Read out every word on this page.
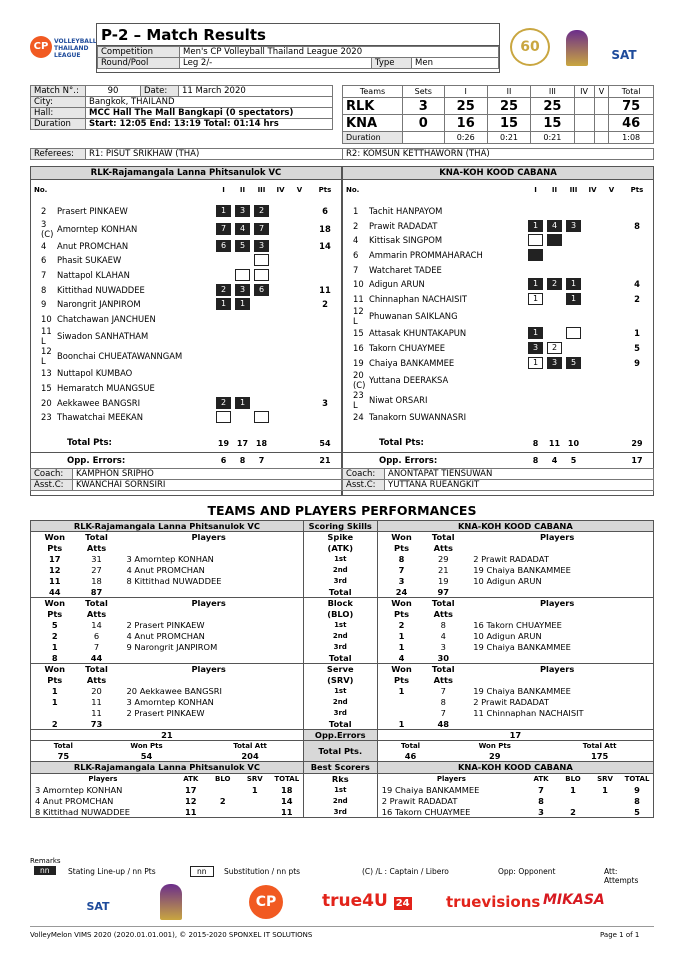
CP VOLLEYBALL
THAILAND LEAGUE
P-2 – Match Results
Competition	Men's CP Volleyball Thailand League 2020		
Round/Pool	Leg 2/-	Type	Men
60	SAT
Match N°.:	90	Date:	11 March 2020
City:	Bangkok, THAILAND		
Hall:	MCC Hall The Mall Bangkapi (0 spectators)		
Duration	Start: 12:05 End: 13:19 Total: 01:14 hrs		
Teams	Sets	I	II	III	IV	V	Total
RLK	3	25	25	25			75
KNA	0	16	15	15			46
Duration		0:26	0:21	0:21			1:08
Referees:	R1: PISUT SRIKHAW (THA)	R2: KOMSUN KETTHAWORN (THA)
RLK-Rajamangala Lanna Phitsanulok VC
No.		I	II	III	IV	V	Pts

2	Prasert PINKAEW	1	3	2			6
3 (C)	Amorntep KONHAN	7	4	7			18
4	Anut PROMCHAN	6	5	3			14
6	Phasit SUKAEW						
7	Nattapol KLAHAN						
8	Kittithad NUWADDEE	2	3	6			11
9	Narongrit JANPIROM	1	1				2
10	Chatchawan JANCHUEN						
11 L	Siwadon SANHATHAM						
12 L	Boonchai CHUEATAWANNGAM						
13	Nuttapol KUMBAO						
15	Hemaratch MUANGSUE						
20	Aekkawee BANGSRI	2	1				3
23	Thawatchai MEEKAN						
Total Pts:	19	17	18			54
Opp. Errors:	6	8	7			21
Coach:	KAMPHON SRIPHO
Asst.C:	KWANCHAI SORNSIRI
KNA-KOH KOOD CABANA
No.		I	II	III	IV	V	Pts

1	Tachit HANPAYOM						
2	Prawit RADADAT	1	4	3			8
4	Kittisak SINGPOM						
6	Ammarin PROMMAHARACH						
7	Watcharet TADEE						
10	Adigun ARUN	1	2	1			4
11	Chinnaphan NACHAISIT	1		1			2
12 L	Phuwanan SAIKLANG						
15	Attasak KHUNTAKAPUN	1					1
16	Takorn CHUAYMEE	3	2				5
19	Chaiya BANKAMMEE	1	3	5			9
20 (C)	Yuttana DEERAKSA						
23 L	Niwat ORSARI						
24	Tanakorn SUWANNASRI						
Total Pts:	8	11	10			29
Opp. Errors:	8	4	5			17
Coach:	ANONTAPAT TIENSUWAN
Asst.C:	YUTTANA RUEANGKIT
TEAMS AND PLAYERS PERFORMANCES
RLK-Rajamangala Lanna Phitsanulok VC	Scoring Skills	KNA-KOH KOOD CABANA
Won	Total	Players	Spike	Won	Total	Players
Pts	Atts		(ATK)	Pts	Atts	
17	31	3 Amorntep KONHAN	1st	8	29	2 Prawit RADADAT
12	27	4 Anut PROMCHAN	2nd	7	21	19 Chaiya BANKAMMEE
11	18	8 Kittithad NUWADDEE	3rd	3	19	10 Adigun ARUN
44	87		Total	24	97	
Won	Total	Players	Block	Won	Total	Players
Pts	Atts		(BLO)	Pts	Atts	
5	14	2 Prasert PINKAEW	1st	2	8	16 Takorn CHUAYMEE
2	6	4 Anut PROMCHAN	2nd	1	4	10 Adigun ARUN
1	7	9 Narongrit JANPIROM	3rd	1	3	19 Chaiya BANKAMMEE
8	44		Total	4	30	
Won	Total	Players	Serve	Won	Total	Players
Pts	Atts		(SRV)	Pts	Atts	
1	20	20 Aekkawee BANGSRI	1st	1	7	19 Chaiya BANKAMMEE
1	11	3 Amorntep KONHAN	2nd		8	2 Prawit RADADAT
	11	2 Prasert PINKAEW	3rd		7	11 Chinnaphan NACHAISIT
2	73		Total	1	48	
21	Opp.Errors	17

Total	Won Pts	Total Att
75	54	204
		Total Pts.	
Total	Won Pts	Total Att
46	29	175

RLK-Rajamangala Lanna Phitsanulok VC
Players	ATK	BLO	SRV	TOTAL
3 Amorntep KONHAN	17		1	18
4 Anut PROMCHAN	12	2		14
8 Kittithad NUWADDEE	11			11

Best Scorers
Rks
1st
2nd
3rd

KNA-KOH KOOD CABANA
Players	ATK	BLO	SRV	TOTAL
19 Chaiya BANKAMMEE	7	1	1	9
2 Prawit RADADAT	8			8
16 Takorn CHUAYMEE	3	2		5
Remarks
nn	Stating Line-up / nn Pts	nn	Substitution / nn pts	(C) /L : Captain / Libero	Opp: Opponent	Att: Attempts
SAT	CP	true4U 24 truevisions MIKASA
VolleyMelon VIMS 2020 (2020.01.01.001), © 2015-2020 SPONXEL IT SOLUTIONS	Page 1 of 1
